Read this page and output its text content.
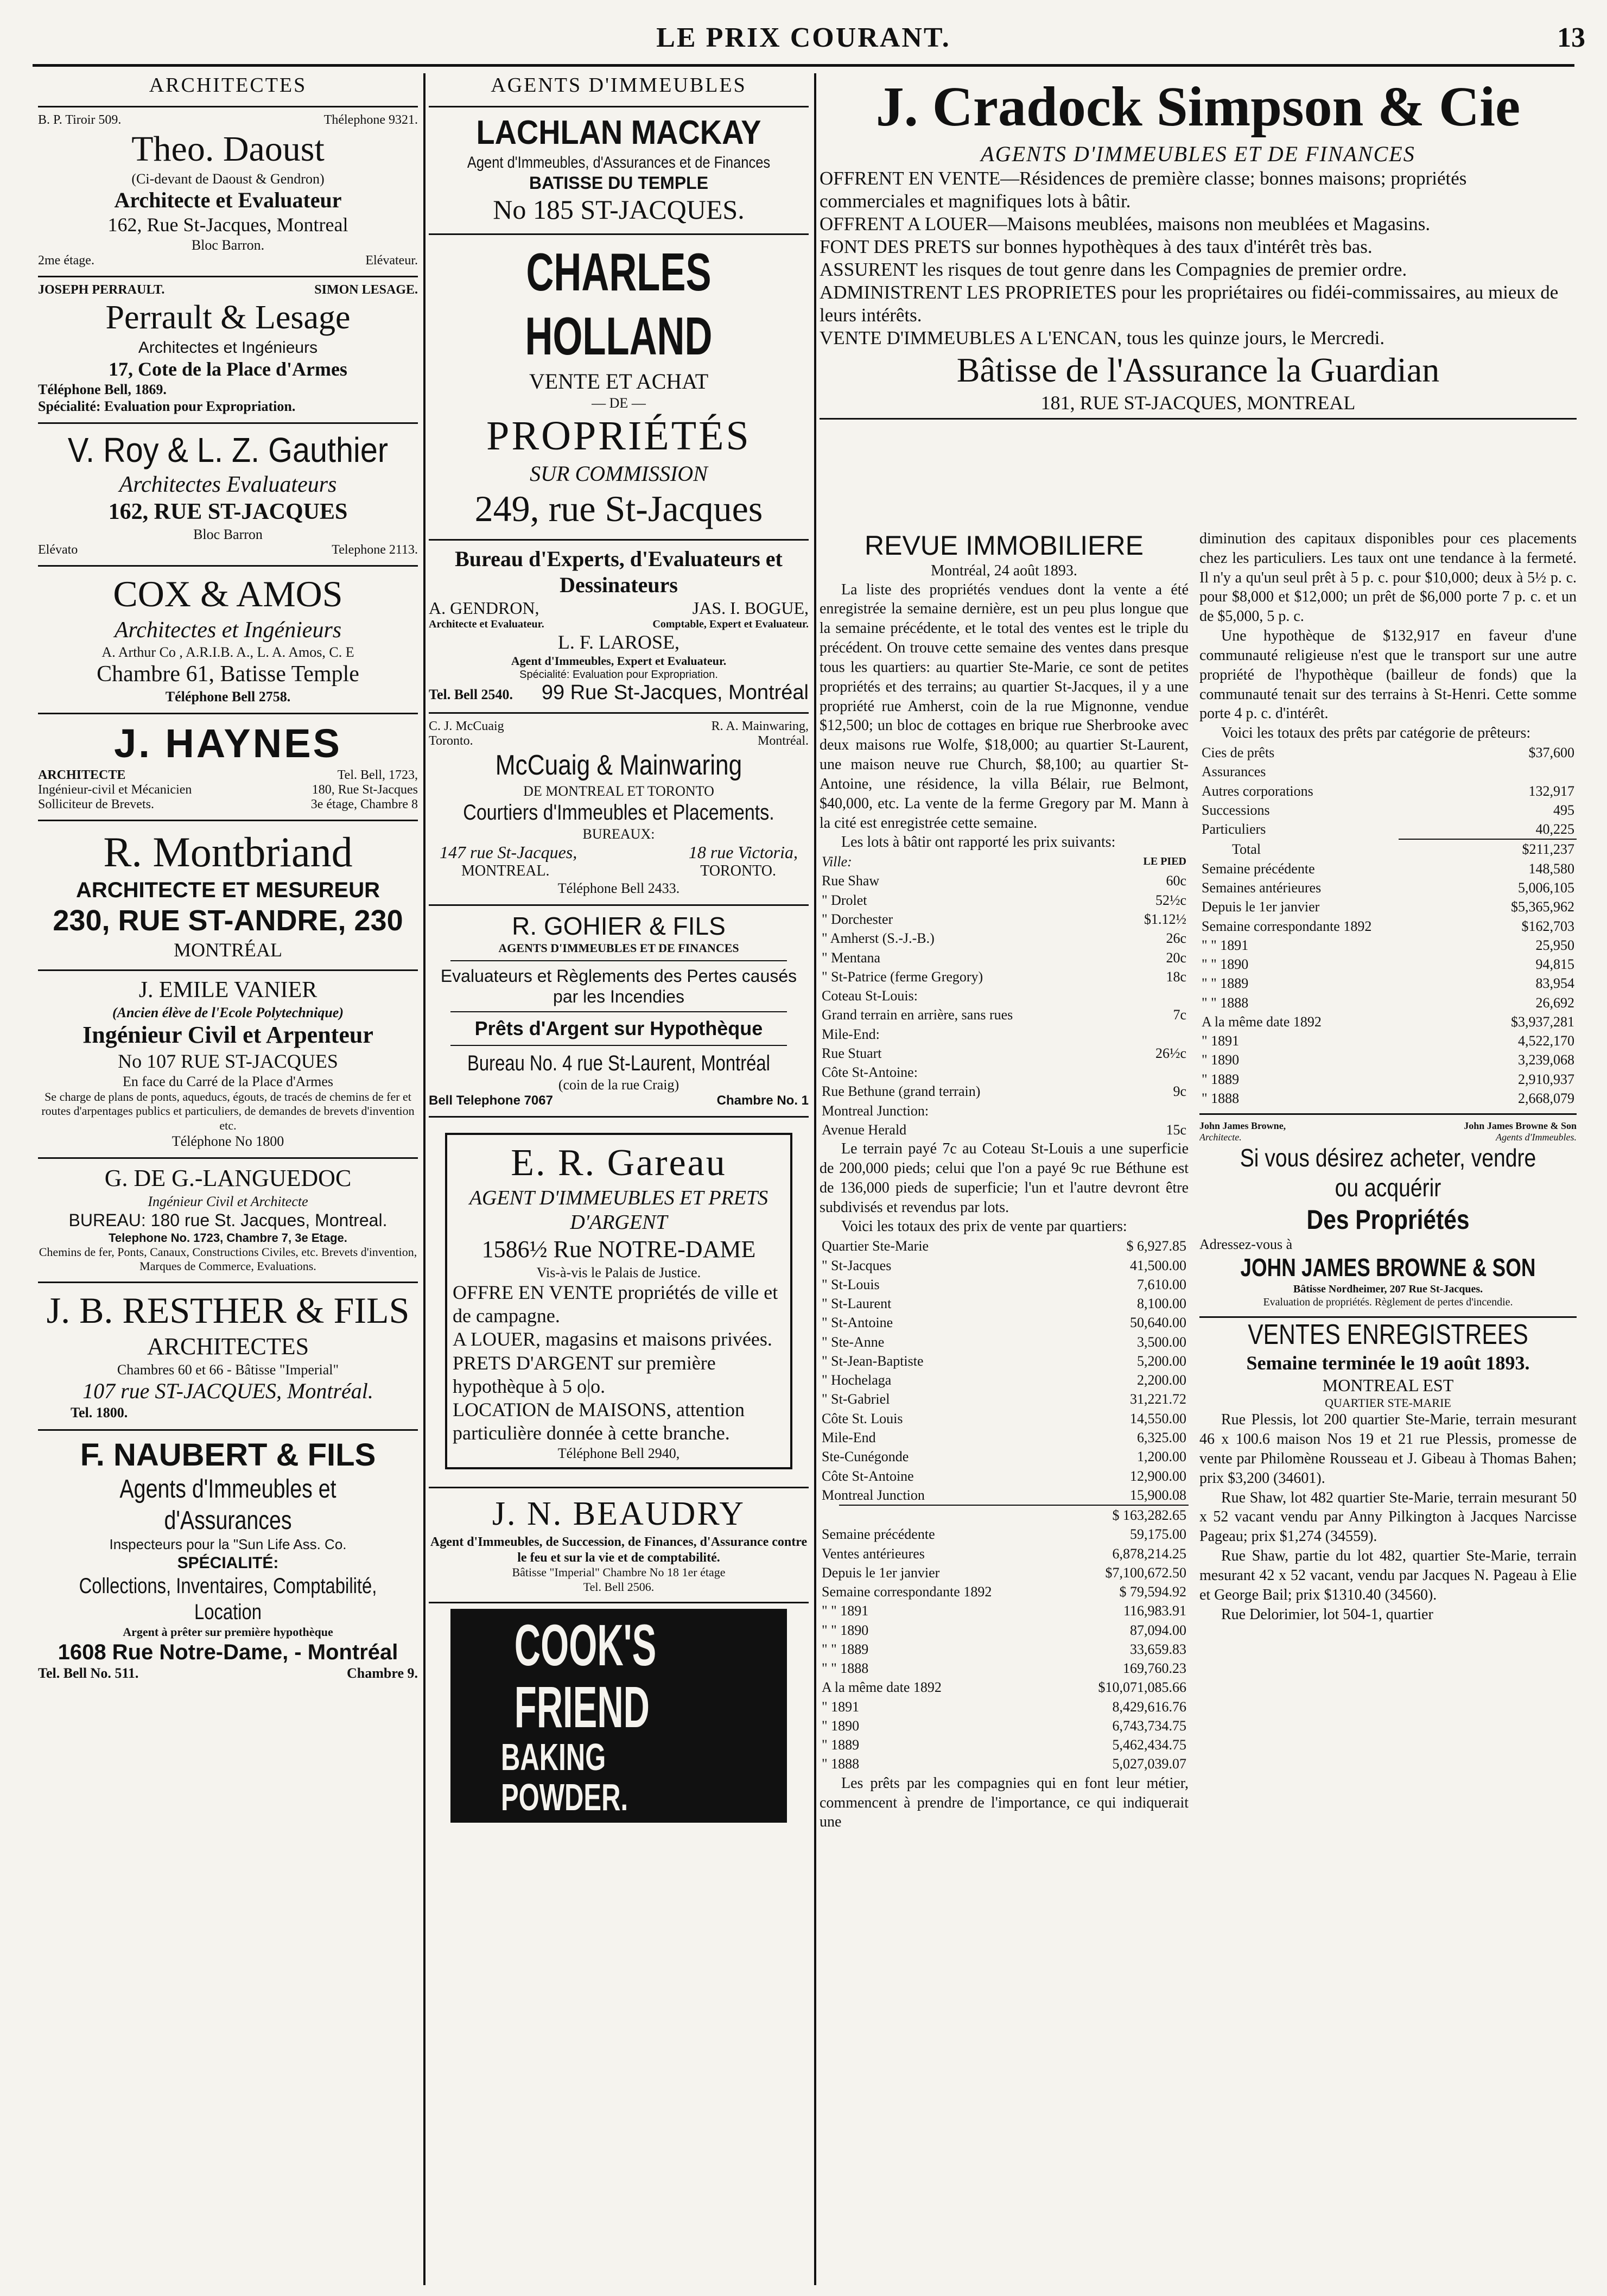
LE PRIX COURANT.	13
ARCHITECTES
B. P. Tiroir 509.	Thélephone 9321.
Theo. Daoust
(Ci-devant de Daoust & Gendron)
Architecte et Evaluateur
162, Rue St-Jacques, Montreal
Bloc Barron.
2me étage.	Elévateur.
JOSEPH PERRAULT.	SIMON LESAGE.
Perrault & Lesage
Architectes et Ingénieurs
17, Cote de la Place d'Armes
Téléphone Bell, 1869.
Spécialité: Evaluation pour Expropriation.
V. Roy & L. Z. Gauthier
Architectes Evaluateurs
162, RUE ST-JACQUES
Bloc Barron
Elévato	Telephone 2113.
COX & AMOS
Architectes et Ingénieurs
A. Arthur Co , A.R.I.B. A., L. A. Amos, C. E
Chambre 61, Batisse Temple
Téléphone Bell 2758.
J. HAYNES
ARCHITECTE	Tel. Bell, 1723,
Ingénieur-civil et Mécanicien	180, Rue St-Jacques
Solliciteur de Brevets.	3e étage, Chambre 8
R. Montbriand
ARCHITECTE ET MESUREUR
230, RUE ST-ANDRE, 230
MONTRÉAL
J. EMILE VANIER
(Ancien élève de l'Ecole Polytechnique)
Ingénieur Civil et Arpenteur
No 107 RUE ST-JACQUES
En face du Carré de la Place d'Armes
Se charge de plans de ponts, aqueducs, égouts, de tracés de chemins de fer et routes d'arpentages publics et particuliers, de demandes de brevets d'invention etc.
Téléphone No 1800
G. DE G.-LANGUEDOC
Ingénieur Civil et Architecte
BUREAU: 180 rue St. Jacques, Montreal.
Telephone No. 1723, Chambre 7, 3e Etage.
Chemins de fer, Ponts, Canaux, Constructions Civiles, etc. Brevets d'invention, Marques de Commerce, Evaluations.
J. B. RESTHER & FILS
ARCHITECTES
Chambres 60 et 66 - Bâtisse "Imperial"
107 rue ST-JACQUES, Montréal.
Tel. 1800.
F. NAUBERT & FILS
Agents d'Immeubles et d'Assurances
Inspecteurs pour la "Sun Life Ass. Co.
SPÉCIALITÉ:
Collections, Inventaires, Comptabilité, Location
Argent à prêter sur première hypothèque
1608 Rue Notre-Dame, - Montréal
Tel. Bell No. 511.	Chambre 9.
AGENTS D'IMMEUBLES
LACHLAN MACKAY
Agent d'Immeubles, d'Assurances et de Finances
BATISSE DU TEMPLE
No 185 ST-JACQUES.
CHARLES HOLLAND
VENTE ET ACHAT
— DE —
PROPRIÉTÉS
SUR COMMISSION
249, rue St-Jacques
Bureau d'Experts, d'Evaluateurs et Dessinateurs
A. GENDRON,	JAS. I. BOGUE,
Architecte et Evaluateur.	Comptable, Expert et Evaluateur.
L. F. LAROSE,
Agent d'Immeubles, Expert et Evaluateur.
Spécialité: Evaluation pour Expropriation.
Tel. Bell 2540. 99 Rue St-Jacques, Montréal
C. J. McCuaig	R. A. Mainwaring,
Toronto.	Montréal.
McCuaig & Mainwaring
DE MONTREAL ET TORONTO
Courtiers d'Immeubles et Placements.
BUREAUX:
147 rue St-Jacques,	18 rue Victoria,
MONTREAL.	TORONTO.
Téléphone Bell 2433.
R. GOHIER & FILS
AGENTS D'IMMEUBLES ET DE FINANCES
Evaluateurs et Règlements des Pertes causés par les Incendies
Prêts d'Argent sur Hypothèque
Bureau No. 4 rue St-Laurent, Montréal
(coin de la rue Craig)
Bell Telephone 7067	Chambre No. 1
E. R. Gareau
AGENT D'IMMEUBLES ET PRETS D'ARGENT
1586½ Rue NOTRE-DAME
Vis-à-vis le Palais de Justice.
OFFRE EN VENTE propriétés de ville et de campagne.
A LOUER, magasins et maisons privées.
PRETS D'ARGENT sur première hypothèque à 5 o|o.
LOCATION de MAISONS, attention particulière donnée à cette branche.
Téléphone Bell 2940,
J. N. BEAUDRY
Agent d'Immeubles, de Succession, de Finances, d'Assurance contre le feu et sur la vie et de comptabilité.
Bâtisse "Imperial" Chambre No 18 1er étage
Tel. Bell 2506.
COOK'S FRIEND
BAKING POWDER.
J. Cradock Simpson & Cie
AGENTS D'IMMEUBLES ET DE FINANCES
OFFRENT EN VENTE—Résidences de première classe; bonnes maisons; propriétés commerciales et magnifiques lots à bâtir.
OFFRENT A LOUER—Maisons meublées, maisons non meublées et Magasins.
FONT DES PRETS sur bonnes hypothèques à des taux d'intérêt très bas.
ASSURENT les risques de tout genre dans les Compagnies de premier ordre.
ADMINISTRENT LES PROPRIETES pour les propriétaires ou fidéi-commissaires, au mieux de leurs intérêts.
VENTE D'IMMEUBLES A L'ENCAN, tous les quinze jours, le Mercredi.
Bâtisse de l'Assurance la Guardian
181, RUE ST-JACQUES, MONTREAL
REVUE IMMOBILIERE
Montréal, 24 août 1893.

La liste des propriétés vendues dont la vente a été enregistrée la semaine dernière, est un peu plus longue que la semaine précédente, et le total des ventes est le triple du précédent. On trouve cette semaine des ventes dans presque tous les quartiers: au quartier Ste-Marie, ce sont de petites propriétés et des terrains; au quartier St-Jacques, il y a une propriété rue Amherst, coin de la rue Mignonne, vendue $12,500; un bloc de cottages en brique rue Sherbrooke avec deux maisons rue Wolfe, $18,000; au quartier St-Laurent, une maison neuve rue Church, $8,100; au quartier St-Antoine, une résidence, la villa Bélair, rue Belmont, $40,000, etc. La vente de la ferme Gregory par M. Mann à la cité est enregistrée cette semaine.

Les lots à bâtir ont rapporté les prix suivants:

Ville:	LE PIED
Rue Shaw	60c
" Drolet	52½c
" Dorchester	$1.12½
" Amherst (S.-J.-B.)	26c
" Mentana	20c
" St-Patrice (ferme Gregory)	18c
Coteau St-Louis:	
Grand terrain en arrière, sans rues	7c
Mile-End:	
Rue Stuart	26½c
Côte St-Antoine:	
Rue Bethune (grand terrain)	9c
Montreal Junction:	
Avenue Herald	15c

Le terrain payé 7c au Coteau St-Louis a une superficie de 200,000 pieds; celui que l'on a payé 9c rue Béthune est de 136,000 pieds de superficie; l'un et l'autre devront être subdivisés et revendus par lots.

Voici les totaux des prix de vente par quartiers:

Quartier Ste-Marie	$ 6,927.85
" St-Jacques	41,500.00
" St-Louis	7,610.00
" St-Laurent	8,100.00
" St-Antoine	50,640.00
" Ste-Anne	3,500.00
" St-Jean-Baptiste	5,200.00
" Hochelaga	2,200.00
" St-Gabriel	31,221.72
Côte St. Louis	14,550.00
Mile-End	6,325.00
Ste-Cunégonde	1,200.00
Côte St-Antoine	12,900.00
Montreal Junction	15,900.08
	$ 163,282.65
Semaine précédente	59,175.00
Ventes antérieures	6,878,214.25
Depuis le 1er janvier	$7,100,672.50
Semaine correspondante 1892	$ 79,594.92
" " 1891	116,983.91
" " 1890	87,094.00
" " 1889	33,659.83
" " 1888	169,760.23
A la même date 1892	$10,071,085.66
" 1891	8,429,616.76
" 1890	6,743,734.75
" 1889	5,462,434.75
" 1888	5,027,039.07

Les prêts par les compagnies qui en font leur métier, commencent à prendre de l'importance, ce qui indiquerait une

diminution des capitaux disponibles pour ces placements chez les particuliers. Les taux ont une tendance à la fermeté. Il n'y a qu'un seul prêt à 5 p. c. pour $10,000; deux à 5½ p. c. pour $8,000 et $12,000; un prêt de $6,000 porte 7 p. c. et un de $5,000, 5 p. c.

Une hypothèque de $132,917 en faveur d'une communauté religieuse n'est que le transport sur une autre propriété de l'hypothèque (bailleur de fonds) que la communauté tenait sur des terrains à St-Henri. Cette somme porte 4 p. c. d'intérêt.

Voici les totaux des prêts par catégorie de prêteurs:

Cies de prêts	$37,600
Assurances	
Autres corporations	132,917
Successions	495
Particuliers	40,225
Total	$211,237
Semaine précédente	148,580
Semaines antérieures	5,006,105
Depuis le 1er janvier	$5,365,962
Semaine correspondante 1892	$162,703
" " 1891	25,950
" " 1890	94,815
" " 1889	83,954
" " 1888	26,692
A la même date 1892	$3,937,281
" 1891	4,522,170
" 1890	3,239,068
" 1889	2,910,937
" 1888	2,668,079
John James Browne,	John James Browne & Son
Architecte.	Agents d'Immeubles.
Si vous désirez acheter, vendre ou acquérir
Des Propriétés
Adressez-vous à
JOHN JAMES BROWNE & SON
Bâtisse Nordheimer, 207 Rue St-Jacques.
Evaluation de propriétés. Règlement de pertes d'incendie.
VENTES ENREGISTREES
Semaine terminée le 19 août 1893.
MONTREAL EST
QUARTIER STE-MARIE

Rue Plessis, lot 200 quartier Ste-Marie, terrain mesurant 46 x 100.6 maison Nos 19 et 21 rue Plessis, promesse de vente par Philomène Rousseau et J. Gibeau à Thomas Bahen; prix $3,200 (34601).

Rue Shaw, lot 482 quartier Ste-Marie, terrain mesurant 50 x 52 vacant vendu par Anny Pilkington à Jacques Narcisse Pageau; prix $1,274 (34559).

Rue Shaw, partie du lot 482, quartier Ste-Marie, terrain mesurant 42 x 52 vacant, vendu par Jacques N. Pageau à Elie et George Bail; prix $1310.40 (34560).

Rue Delorimier, lot 504-1, quartier
